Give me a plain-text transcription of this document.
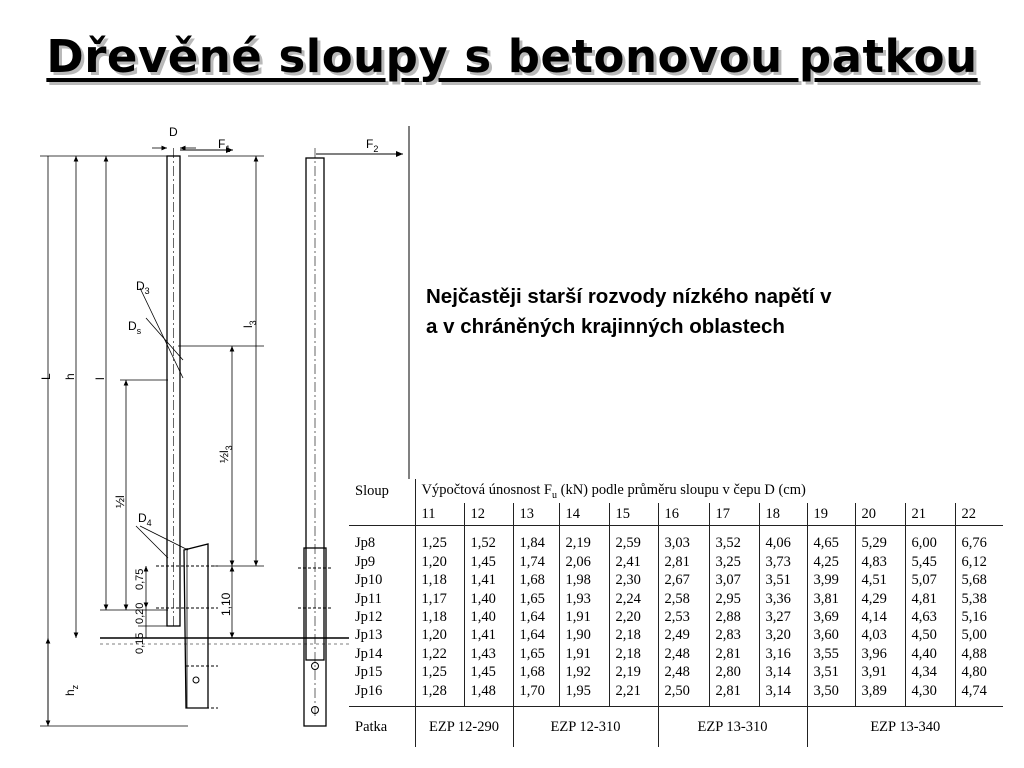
Dřevěné sloupy s betonovou patkou
D
$F_1$	$F_2$
L h l
½l
$D_3$
$D_s$
$D_4$
$l_3$
$\frac{1}{2}l_3$
0,75
0,20
0,15
1,10
$h_z$
Nejčastěji starší rozvody nízkého napětí v
a v chráněných krajinných oblastech
Sloup	Výpočtová únosnost $F_u$ (kN) podle průměru sloupu v čepu D (cm)											
	11	12	13	14	15	16	17	18	19	20	21	22
Jp8	1,25	1,52	1,84	2,19	2,59	3,03	3,52	4,06	4,65	5,29	6,00	6,76
Jp9	1,20	1,45	1,74	2,06	2,41	2,81	3,25	3,73	4,25	4,83	5,45	6,12
Jp10	1,18	1,41	1,68	1,98	2,30	2,67	3,07	3,51	3,99	4,51	5,07	5,68
Jp11	1,17	1,40	1,65	1,93	2,24	2,58	2,95	3,36	3,81	4,29	4,81	5,38
Jp12	1,18	1,40	1,64	1,91	2,20	2,53	2,88	3,27	3,69	4,14	4,63	5,16
Jp13	1,20	1,41	1,64	1,90	2,18	2,49	2,83	3,20	3,60	4,03	4,50	5,00
Jp14	1,22	1,43	1,65	1,91	2,18	2,48	2,81	3,16	3,55	3,96	4,40	4,88
Jp15	1,25	1,45	1,68	1,92	2,19	2,48	2,80	3,14	3,51	3,91	4,34	4,80
Jp16	1,28	1,48	1,70	1,95	2,21	2,50	2,81	3,14	3,50	3,89	4,30	4,74
Patka	EZP 12-290		EZP 12-310			EZP 13-310			EZP 13-340			
